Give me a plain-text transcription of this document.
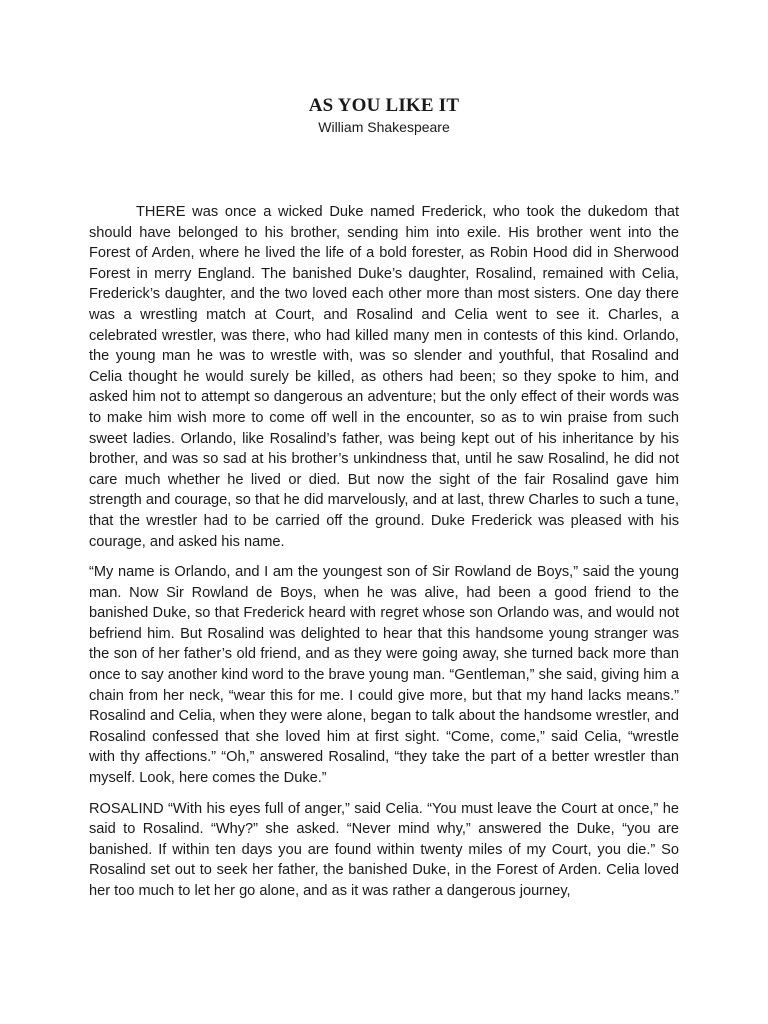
AS YOU LIKE IT
William Shakespeare

THERE was once a wicked Duke named Frederick, who took the dukedom that should have belonged to his brother, sending him into exile. His brother went into the Forest of Arden, where he lived the life of a bold forester, as Robin Hood did in Sherwood Forest in merry England. The banished Duke’s daughter, Rosalind, remained with Celia, Frederick’s daughter, and the two loved each other more than most sisters. One day there was a wrestling match at Court, and Rosalind and Celia went to see it. Charles, a celebrated wrestler, was there, who had killed many men in contests of this kind. Orlando, the young man he was to wrestle with, was so slender and youthful, that Rosalind and Celia thought he would surely be killed, as others had been; so they spoke to him, and asked him not to attempt so dangerous an adventure; but the only effect of their words was to make him wish more to come off well in the encounter, so as to win praise from such sweet ladies. Orlando, like Rosalind’s father, was being kept out of his inheritance by his brother, and was so sad at his brother’s unkindness that, until he saw Rosalind, he did not care much whether he lived or died. But now the sight of the fair Rosalind gave him strength and courage, so that he did marvelously, and at last, threw Charles to such a tune, that the wrestler had to be carried off the ground. Duke Frederick was pleased with his courage, and asked his name.

“My name is Orlando, and I am the youngest son of Sir Rowland de Boys,” said the young man. Now Sir Rowland de Boys, when he was alive, had been a good friend to the banished Duke, so that Frederick heard with regret whose son Orlando was, and would not befriend him. But Rosalind was delighted to hear that this handsome young stranger was the son of her father’s old friend, and as they were going away, she turned back more than once to say another kind word to the brave young man. “Gentleman,” she said, giving him a chain from her neck, “wear this for me. I could give more, but that my hand lacks means.” Rosalind and Celia, when they were alone, began to talk about the handsome wrestler, and Rosalind confessed that she loved him at first sight. “Come, come,” said Celia, “wrestle with thy affections.” “Oh,” answered Rosalind, “they take the part of a better wrestler than myself. Look, here comes the Duke.”

ROSALIND “With his eyes full of anger,” said Celia. “You must leave the Court at once,” he said to Rosalind. “Why?” she asked. “Never mind why,” answered the Duke, “you are banished. If within ten days you are found within twenty miles of my Court, you die.” So Rosalind set out to seek her father, the banished Duke, in the Forest of Arden. Celia loved her too much to let her go alone, and as it was rather a dangerous journey,
